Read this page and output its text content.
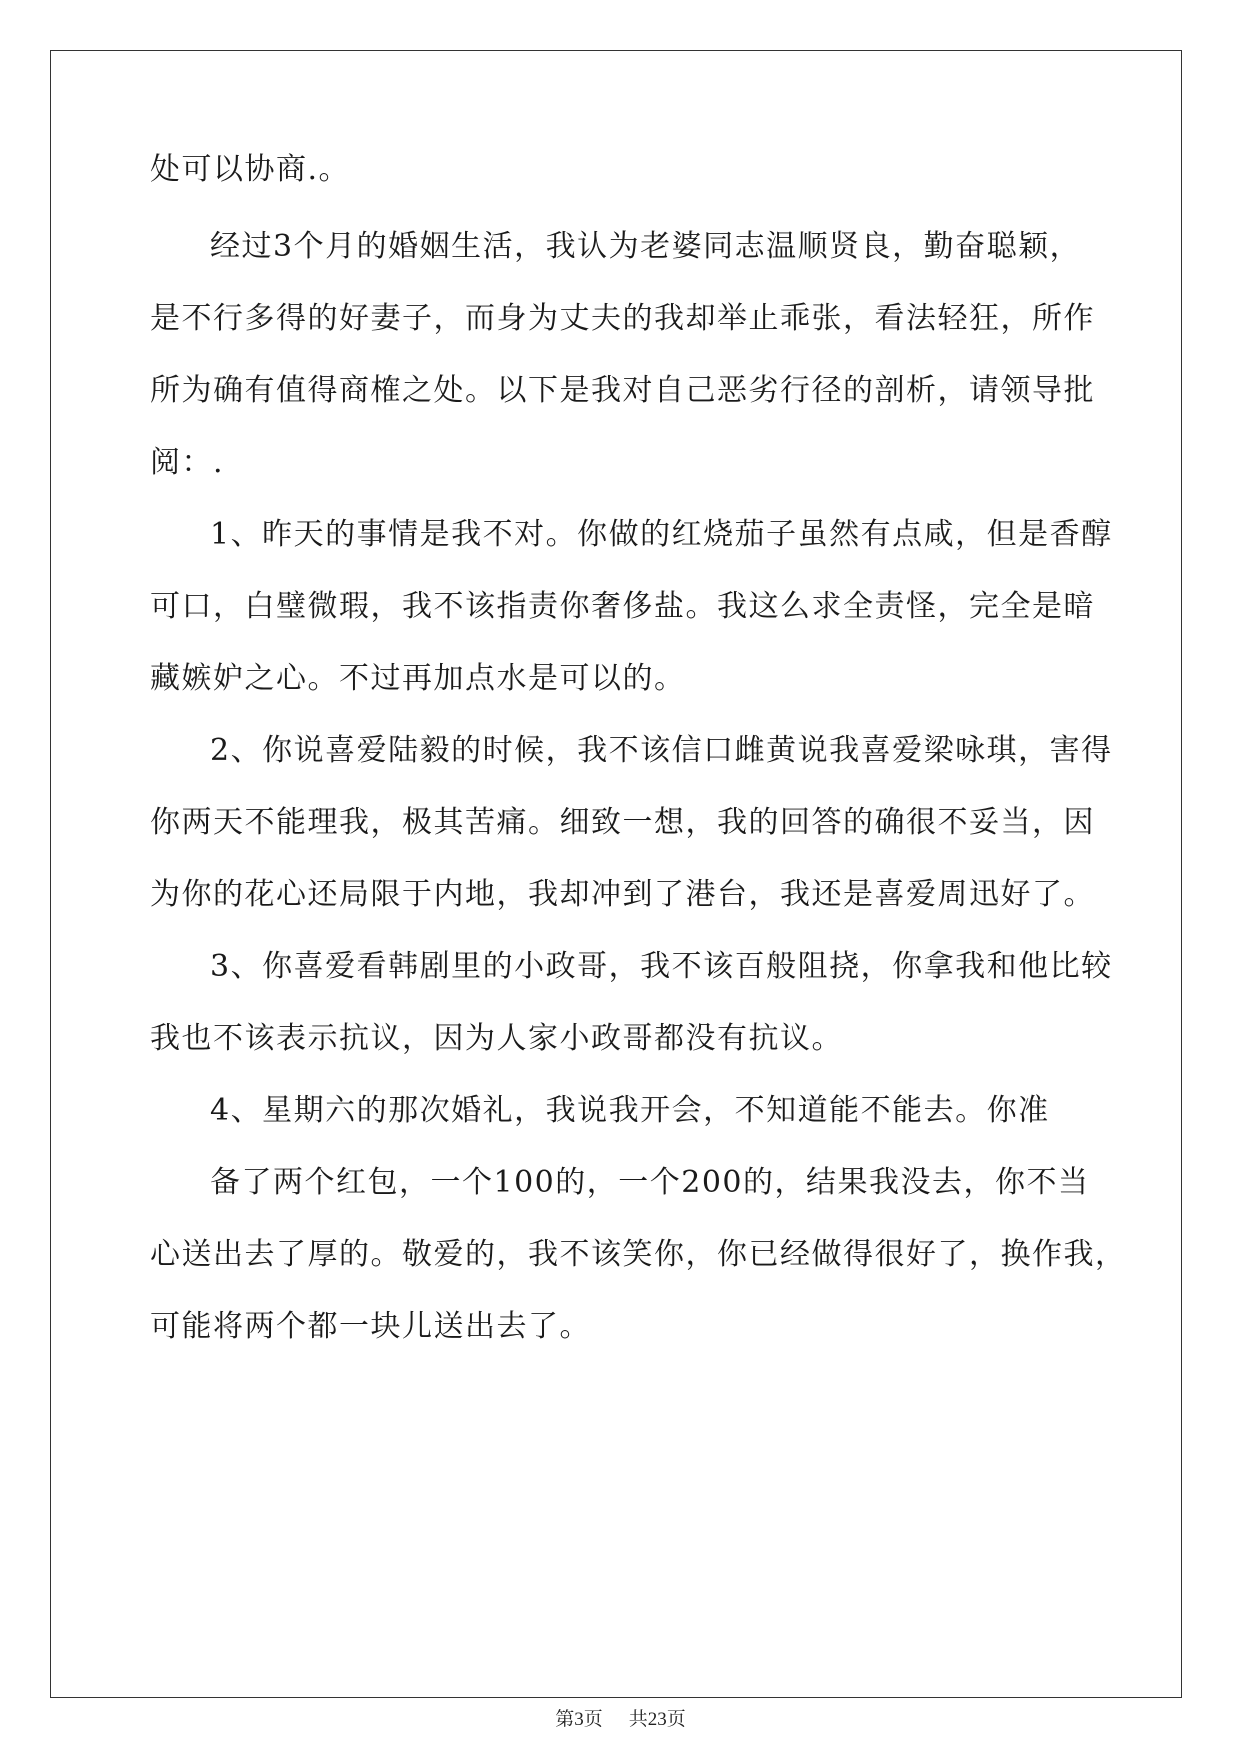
处可以协商.。
经过3个月的婚姻生活，我认为老婆同志温顺贤良，勤奋聪颖，
是不行多得的好妻子，而身为丈夫的我却举止乖张，看法轻狂，所作
所为确有值得商榷之处。以下是我对自己恶劣行径的剖析，请领导批
阅：.
1、昨天的事情是我不对。你做的红烧茄子虽然有点咸，但是香醇
可口，白璧微瑕，我不该指责你奢侈盐。我这么求全责怪，完全是暗
藏嫉妒之心。不过再加点水是可以的。
2、你说喜爱陆毅的时候，我不该信口雌黄说我喜爱梁咏琪，害得
你两天不能理我，极其苦痛。细致一想，我的回答的确很不妥当，因
为你的花心还局限于内地，我却冲到了港台，我还是喜爱周迅好了。
3、你喜爱看韩剧里的小政哥，我不该百般阻挠，你拿我和他比较
我也不该表示抗议，因为人家小政哥都没有抗议。
4、星期六的那次婚礼，我说我开会，不知道能不能去。你准
备了两个红包，一个100的，一个200的，结果我没去，你不当
心送出去了厚的。敬爱的，我不该笑你，你已经做得很好了，换作我，
可能将两个都一块儿送出去了。
第3页 共23页
